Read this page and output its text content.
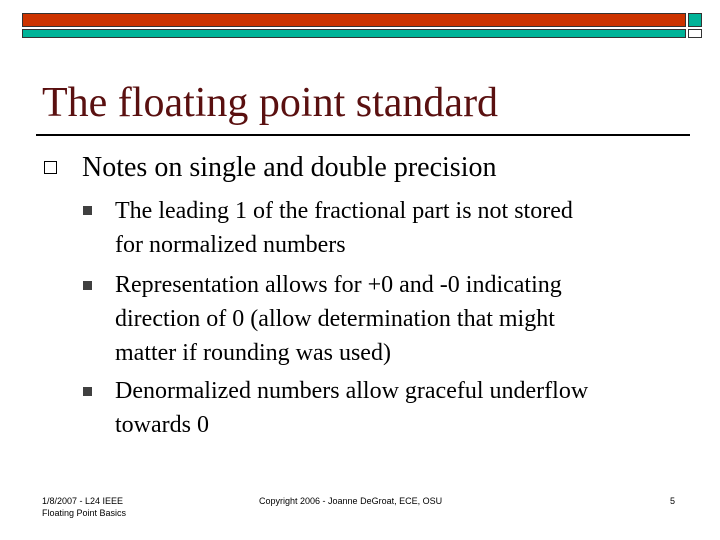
The floating point standard
Notes on single and double precision
The leading 1 of the fractional part is not stored
for normalized numbers
Representation allows for +0 and -0 indicating
direction of 0 (allow determination that might
matter if rounding was used)
Denormalized numbers allow graceful underflow
towards 0
1/8/2007 - L24 IEEE
Floating Point Basics
Copyright 2006 - Joanne DeGroat, ECE, OSU	5
